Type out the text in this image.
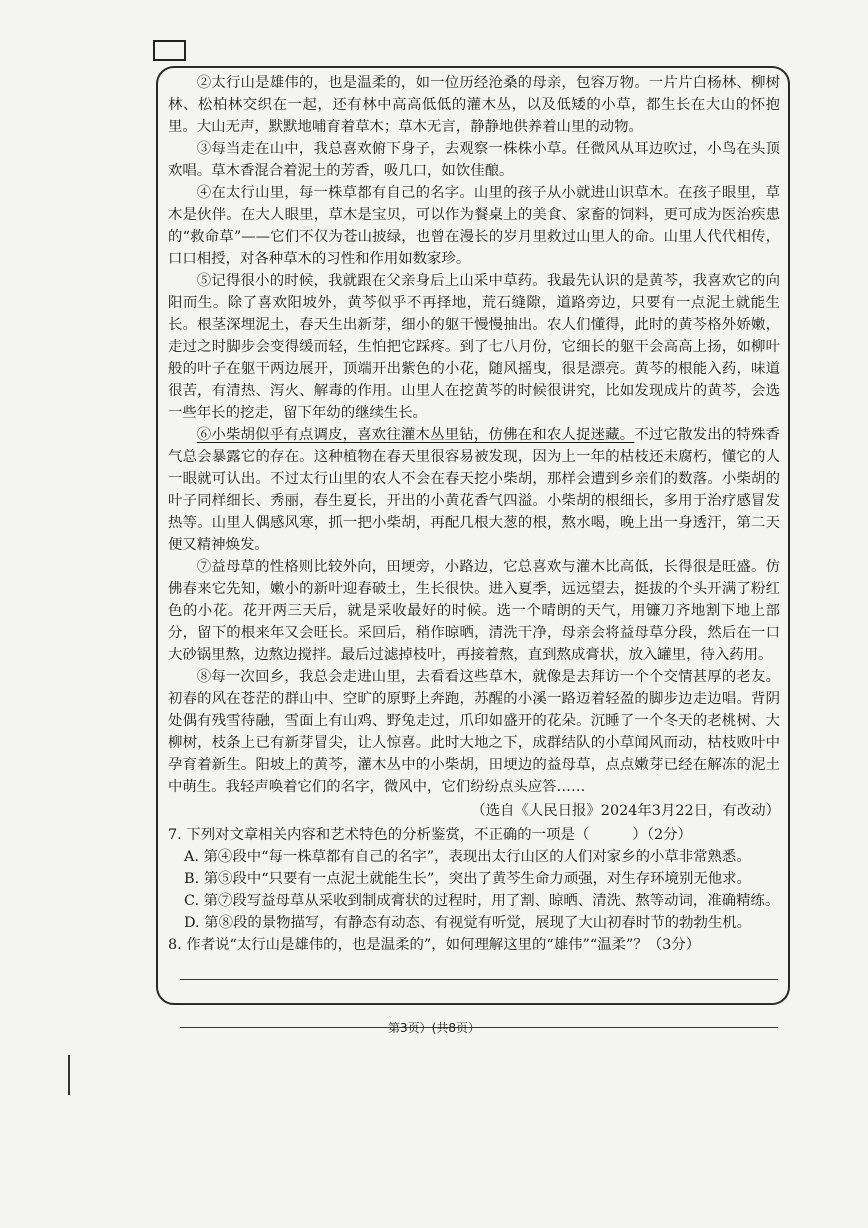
②太行山是雄伟的，也是温柔的，如一位历经沧桑的母亲，包容万物。一片片白杨林、柳树林、松柏林交织在一起，还有林中高高低低的灌木丛，以及低矮的小草，都生长在大山的怀抱里。大山无声，默默地哺育着草木；草木无言，静静地供养着山里的动物。

③每当走在山中，我总喜欢俯下身子，去观察一株株小草。任微风从耳边吹过，小鸟在头顶欢唱。草木香混合着泥土的芳香，吸几口，如饮佳酿。

④在太行山里，每一株草都有自己的名字。山里的孩子从小就进山识草木。在孩子眼里，草木是伙伴。在大人眼里，草木是宝贝，可以作为餐桌上的美食、家畜的饲料，更可成为医治疾患的“救命草”——它们不仅为苍山披绿，也曾在漫长的岁月里救过山里人的命。山里人代代相传，口口相授，对各种草木的习性和作用如数家珍。

⑤记得很小的时候，我就跟在父亲身后上山采中草药。我最先认识的是黄芩，我喜欢它的向阳而生。除了喜欢阳坡外，黄芩似乎不再择地，荒石缝隙，道路旁边，只要有一点泥土就能生长。根茎深埋泥土，春天生出新芽，细小的躯干慢慢抽出。农人们懂得，此时的黄芩格外娇嫩，走过之时脚步会变得缓而轻，生怕把它踩疼。到了七八月份，它细长的躯干会高高上扬，如柳叶般的叶子在躯干两边展开，顶端开出紫色的小花，随风摇曳，很是漂亮。黄芩的根能入药，味道很苦，有清热、泻火、解毒的作用。山里人在挖黄芩的时候很讲究，比如发现成片的黄芩，会选一些年长的挖走，留下年幼的继续生长。

⑥小柴胡似乎有点调皮，喜欢往灌木丛里钻，仿佛在和农人捉迷藏。不过它散发出的特殊香气总会暴露它的存在。这种植物在春天里很容易被发现，因为上一年的枯枝还未腐朽，懂它的人一眼就可认出。不过太行山里的农人不会在春天挖小柴胡，那样会遭到乡亲们的数落。小柴胡的叶子同样细长、秀丽，春生夏长，开出的小黄花香气四溢。小柴胡的根细长，多用于治疗感冒发热等。山里人偶感风寒，抓一把小柴胡，再配几根大葱的根，熬水喝，晚上出一身透汗，第二天便又精神焕发。

⑦益母草的性格则比较外向，田埂旁，小路边，它总喜欢与灌木比高低，长得很是旺盛。仿佛春来它先知，嫩小的新叶迎春破土，生长很快。进入夏季，远远望去，挺拔的个头开满了粉红色的小花。花开两三天后，就是采收最好的时候。选一个晴朗的天气，用镰刀齐地割下地上部分，留下的根来年又会旺长。采回后，稍作晾晒，清洗干净，母亲会将益母草分段，然后在一口大砂锅里熬，边熬边搅拌。最后过滤掉枝叶，再接着熬，直到熬成膏状，放入罐里，待入药用。

⑧每一次回乡，我总会走进山里，去看看这些草木，就像是去拜访一个个交情甚厚的老友。初春的风在苍茫的群山中、空旷的原野上奔跑，苏醒的小溪一路迈着轻盈的脚步边走边唱。背阴处偶有残雪待融，雪面上有山鸡、野兔走过，爪印如盛开的花朵。沉睡了一个冬天的老桃树、大柳树，枝条上已有新芽冒尖，让人惊喜。此时大地之下，成群结队的小草闻风而动，枯枝败叶中孕育着新生。阳坡上的黄芩，灌木丛中的小柴胡，田埂边的益母草，点点嫩芽已经在解冻的泥土中萌生。我轻声唤着它们的名字，微风中，它们纷纷点头应答……

（选自《人民日报》2024年3月22日，有改动）

7. 下列对文章相关内容和艺术特色的分析鉴赏，不正确的一项是（　　　）（2分）

A. 第④段中“每一株草都有自己的名字”，表现出太行山区的人们对家乡的小草非常熟悉。

B. 第⑤段中“只要有一点泥土就能生长”，突出了黄芩生命力顽强，对生存环境别无他求。

C. 第⑦段写益母草从采收到制成膏状的过程时，用了割、晾晒、清洗、熬等动词，准确精练。

D. 第⑧段的景物描写，有静态有动态、有视觉有听觉，展现了大山初春时节的勃勃生机。

8. 作者说“太行山是雄伟的，也是温柔的”，如何理解这里的“雄伟”“温柔”？（3分）

第3页）(共8页）
